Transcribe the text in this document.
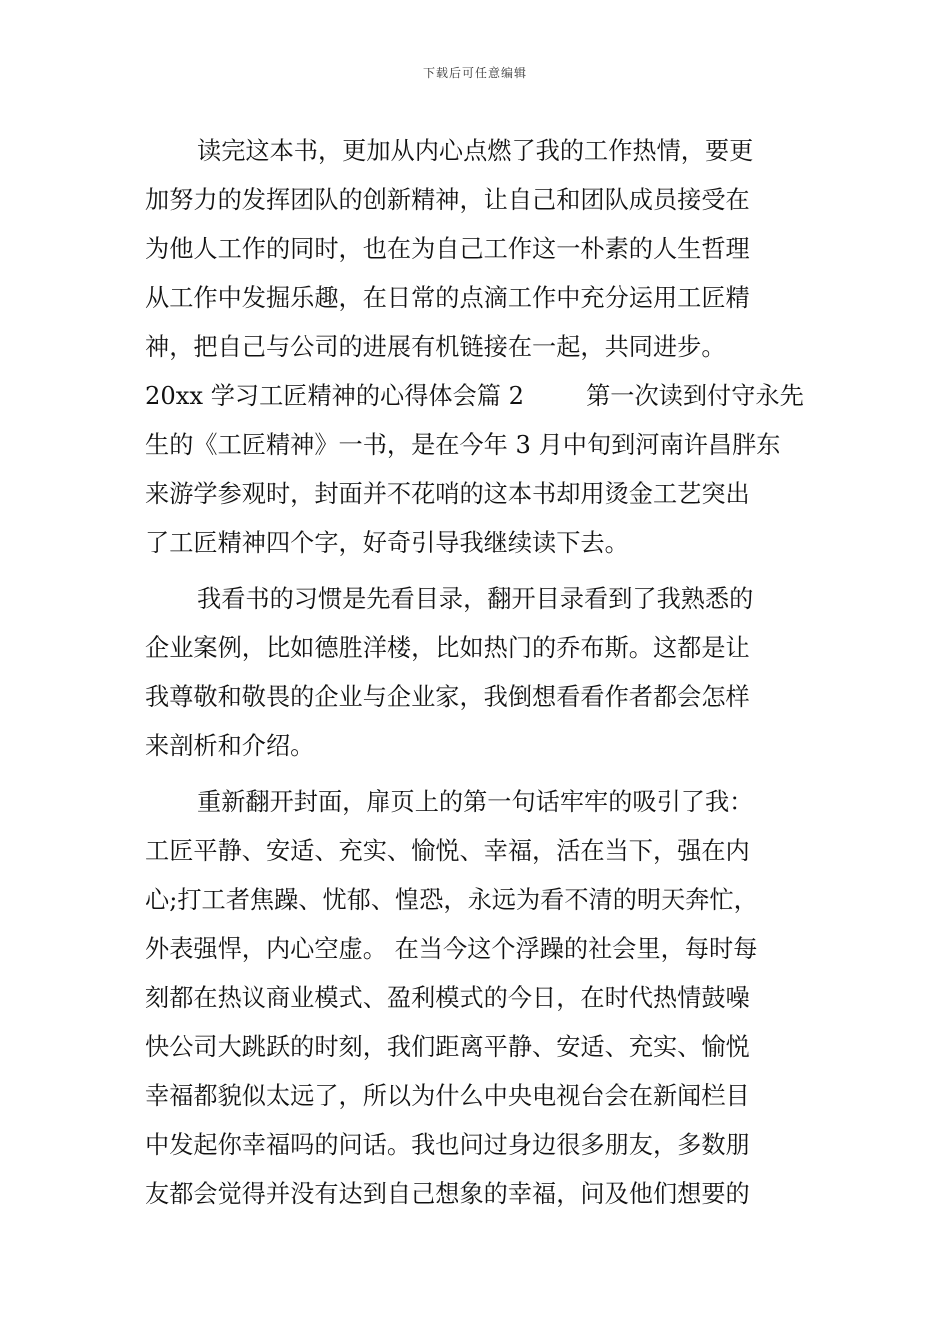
下载后可任意编辑
读完这本书，更加从内心点燃了我的工作热情，要更
加努力的发挥团队的创新精神，让自己和团队成员接受在
为他人工作的同时，也在为自己工作这一朴素的人生哲理
从工作中发掘乐趣，在日常的点滴工作中充分运用工匠精
神，把自己与公司的进展有机链接在一起，共同进步。
20xx 学习工匠精神的心得体会篇 2	第一次读到付守永先
生的《工匠精神》一书，是在今年 3 月中旬到河南许昌胖东
来游学参观时，封面并不花哨的这本书却用烫金工艺突出
了工匠精神四个字，好奇引导我继续读下去。
我看书的习惯是先看目录，翻开目录看到了我熟悉的
企业案例，比如德胜洋楼，比如热门的乔布斯。这都是让
我尊敬和敬畏的企业与企业家，我倒想看看作者都会怎样
来剖析和介绍。
重新翻开封面，扉页上的第一句话牢牢的吸引了我：
工匠平静、安适、充实、愉悦、幸福，活在当下，强在内
心;打工者焦躁、忧郁、惶恐，永远为看不清的明天奔忙，
外表强悍，内心空虚。 在当今这个浮躁的社会里，每时每
刻都在热议商业模式、盈利模式的今日，在时代热情鼓噪
快公司大跳跃的时刻，我们距离平静、安适、充实、愉悦
幸福都貌似太远了，所以为什么中央电视台会在新闻栏目
中发起你幸福吗的问话。我也问过身边很多朋友，多数朋
友都会觉得并没有达到自己想象的幸福，问及他们想要的
